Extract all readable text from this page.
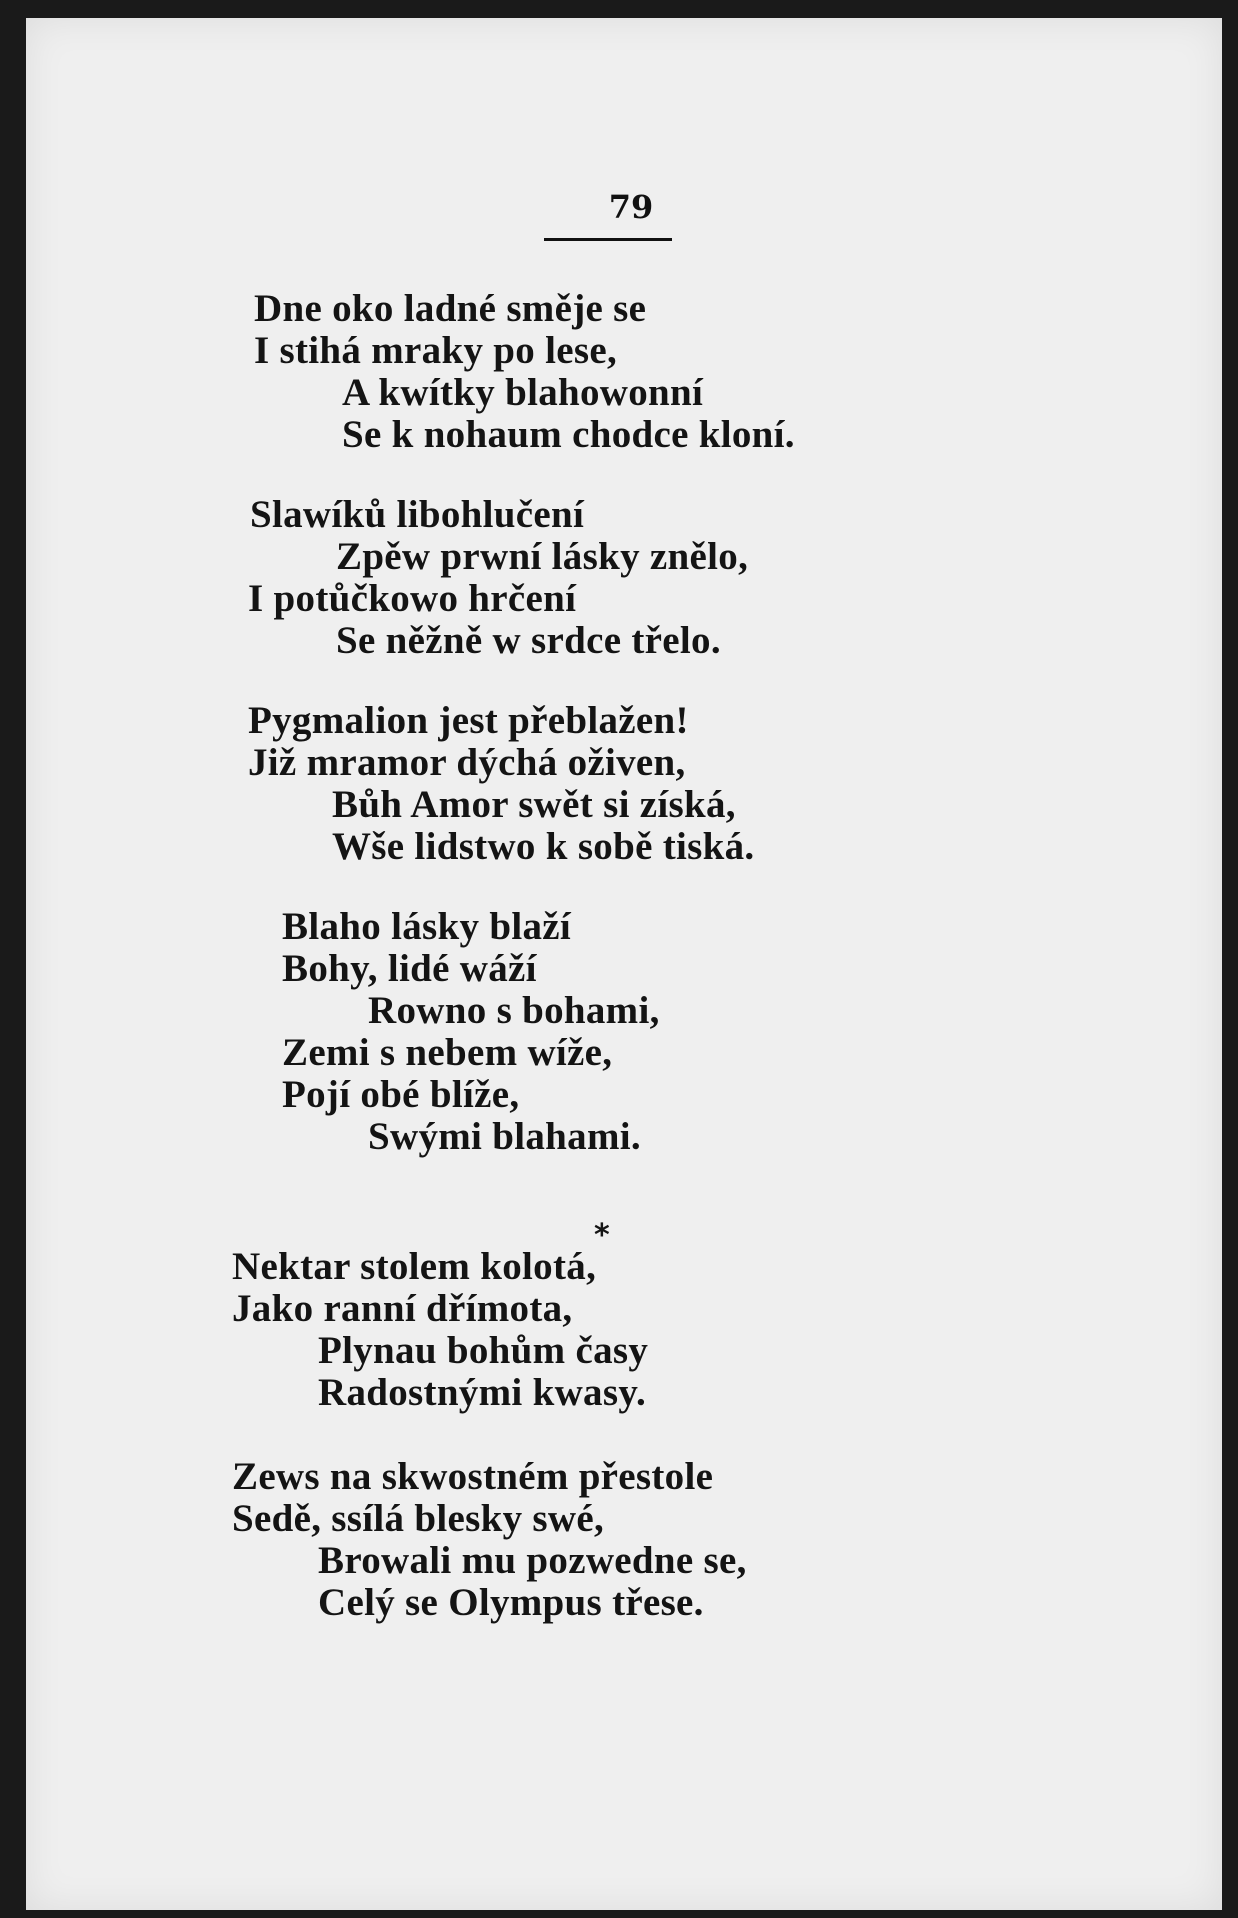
79
Dne oko ladné směje se
I stihá mraky po lese,
A kwítky blahowonní
Se k nohaum chodce kloní.
Slawíků libohlučení
Zpěw prwní lásky znělo,
I potůčkowo hrčení
Se něžně w srdce třelo.
Pygmalion jest přeblažen!
Již mramor dýchá oživen,
Bůh Amor swět si získá,
Wše lidstwo k sobě tiská.
Blaho lásky blaží
Bohy, lidé wáží
Rowno s bohami,
Zemi s nebem wíže,
Pojí obé blíže,
Swými blahami.
*
Nektar stolem kolotá,
Jako ranní dřímota,
Plynau bohům časy
Radostnými kwasy.
Zews na skwostném přestole
Sedě, ssílá blesky swé,
Browali mu pozwedne se,
Celý se Olympus třese.
